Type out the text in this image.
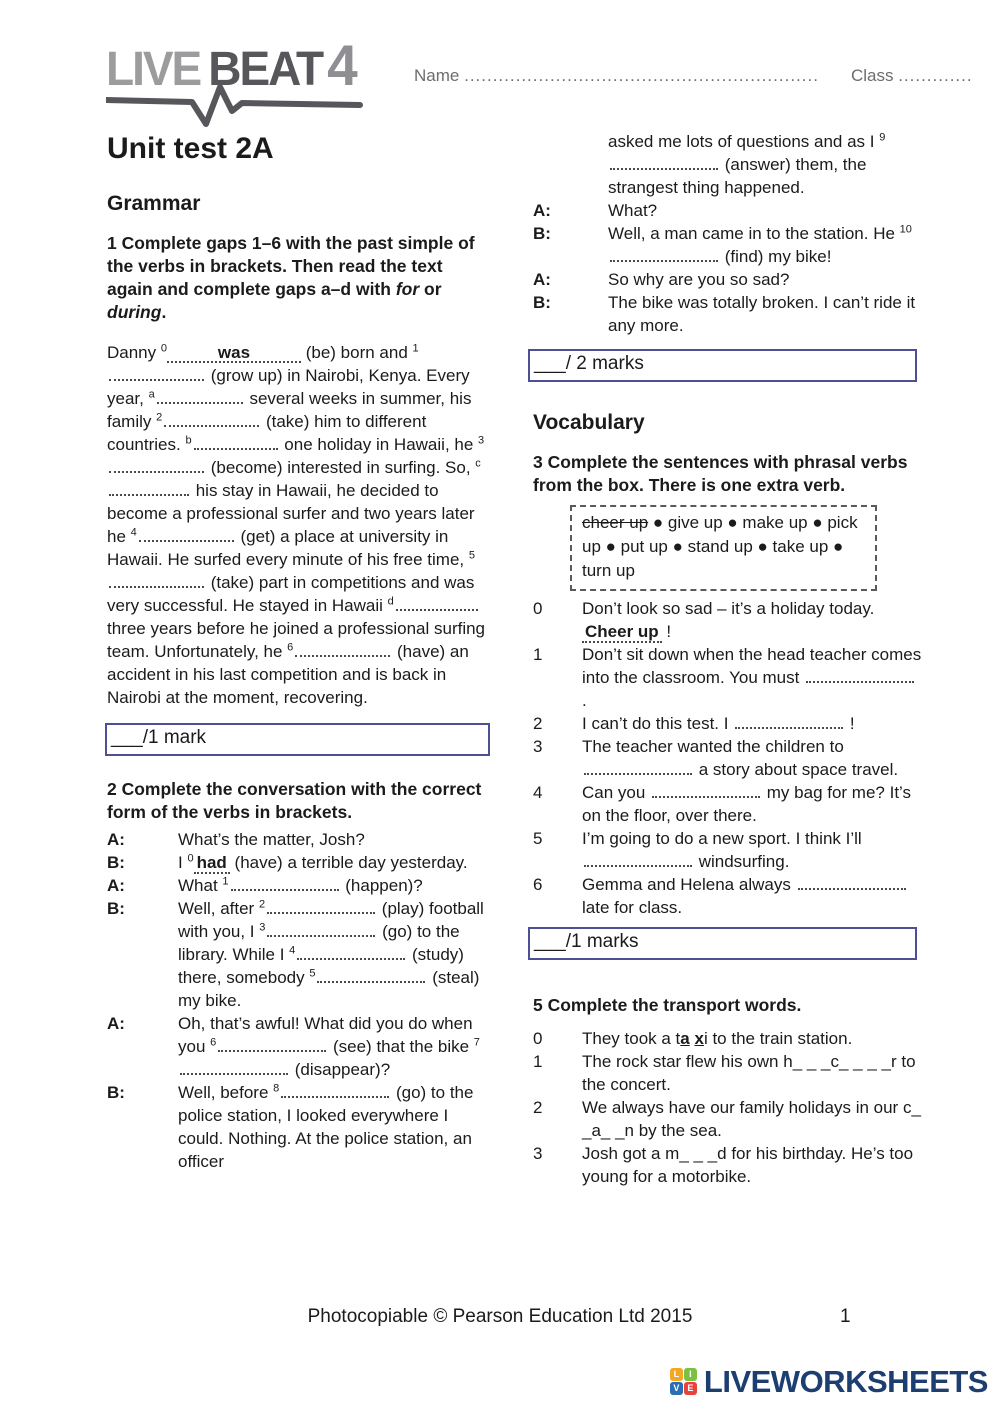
LIVE BEAT4	Name .............................................................. Class .............
Unit test 2A
Grammar

1 Complete gaps 1–6 with the past simple of the verbs in brackets. Then read the text again and complete gaps a–d with for or during.

Danny $^0$	was	(be) born and $^1$ (grow up) in Nairobi, Kenya. Every year, $^a$	several weeks in summer, his family $^2$	(take) him to different countries. $^b$	one holiday in Hawaii, he $^3$ (become) interested in surfing. So, $^c$ his stay in Hawaii, he decided to become a professional surfer and two years later he $^4$	(get) a place at university in Hawaii. He surfed every minute of his free time, $^5$ (take) part in competitions and was very successful. He stayed in Hawaii $^d$ three years before he joined a professional surfing team. Unfortunately, he $^6$	(have) an accident in his last competition and is back in Nairobi at the moment, recovering.

___/1 mark

2 Complete the conversation with the correct form of the verbs in brackets.

A:	What’s the matter, Josh?
B:	I $^0$ had (have) a terrible day yesterday.
A:	What $^1$	(happen)?
B:	Well, after $^2$	(play) football with you, I $^3$	(go) to the library. While I $^4$	(study) there, somebody $^5$	(steal) my bike.
A:	Oh, that’s awful! What did you do when you $^6$	(see) that the bike $^7$ (disappear)?
B:	Well, before $^8$	(go) to the police station, I looked everywhere I could. Nothing. At the police station, an officer
asked me lots of questions and as I $^9$ (answer) them, the strangest thing happened.
A:	What?
B:	Well, a man came in to the station. He $^{10}$ (find) my bike!
A:	So why are you so sad?
B:	The bike was totally broken. I can’t ride it any more.
___/ 2 marks
Vocabulary

3 Complete the sentences with phrasal verbs from the box. There is one extra verb.

cheer up ● give up ● make up ● pick up ● put up ● stand up ● take up ● turn up
0	Don’t look so sad – it’s a holiday today. Cheer up !
1	Don’t sit down when the head teacher comes into the classroom. You must  .
2	I can’t do this test. I	!
3	The teacher wanted the children to  a story about space travel.
4	Can you	my bag for me? It’s on the floor, over there.
5	I’m going to do a new sport. I think I’ll  windsurfing.
6	Gemma and Helena always  late for class.
___/1 marks

5 Complete the transport words.

0	They took a ta xi to the train station.
1	The rock star flew his own h_ _ _c_ _ _ _r to the concert.
2	We always have our family holidays in our c_ _a_ _n by the sea.
3	Josh got a m_ _ _d for his birthday. He’s too young for a motorbike.
Photocopiable © Pearson Education Ltd 2015	1
L	I
V E LIVEWORKSHEETS
